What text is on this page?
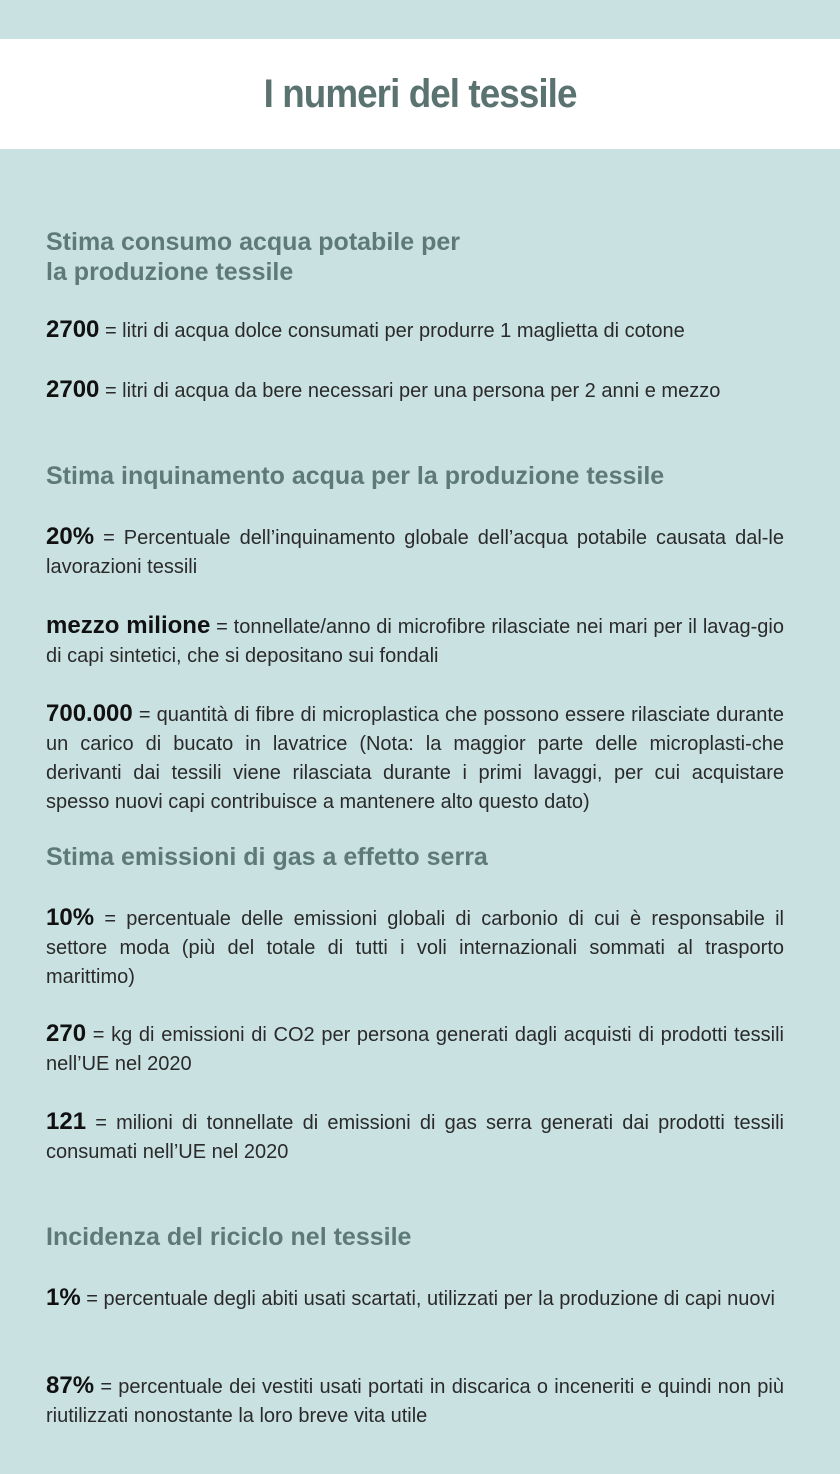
I numeri del tessile
Stima consumo acqua potabile per
la produzione tessile

2700 = litri di acqua dolce consumati per produrre 1 maglietta di cotone

2700 = litri di acqua da bere necessari per una persona per 2 anni e mezzo

Stima inquinamento acqua per la produzione tessile

20% = Percentuale dell’inquinamento globale dell’acqua potabile causata dal-le lavorazioni tessili

mezzo milione = tonnellate/anno di microfibre rilasciate nei mari per il lavag-gio di capi sintetici, che si depositano sui fondali

700.000 = quantità di fibre di microplastica che possono essere rilasciate durante un carico di bucato in lavatrice (Nota: la maggior parte delle microplasti-che derivanti dai tessili viene rilasciata durante i primi lavaggi, per cui acquistare spesso nuovi capi contribuisce a mantenere alto questo dato)

Stima emissioni di gas a effetto serra

10% = percentuale delle emissioni globali di carbonio di cui è responsabile il settore moda (più del totale di tutti i voli internazionali sommati al trasporto marittimo)

270 = kg di emissioni di CO2 per persona generati dagli acquisti di prodotti tessili nell’UE nel 2020

121 = milioni di tonnellate di emissioni di gas serra generati dai prodotti tessili consumati nell’UE nel 2020

Incidenza del riciclo nel tessile

1% = percentuale degli abiti usati scartati, utilizzati per la produzione di capi nuovi

87% = percentuale dei vestiti usati portati in discarica o inceneriti e quindi non più riutilizzati nonostante la loro breve vita utile
